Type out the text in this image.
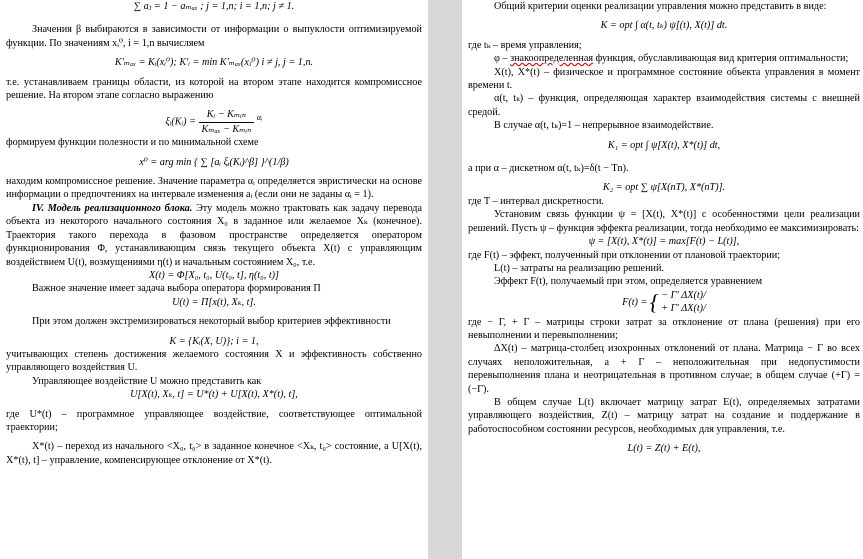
∑ aⱼ = 1 − aₘₐₓ ; j = 1,n; i = 1,n; j ≠ 1.

Значения β выбираются в зависимости от информации о выпуклости оптимизируемой функции. По значениям xᵢ⁰, i = 1,n вычисляем

K′ₘₐₓ = Kᵢ(xᵢ⁰); K′ᵢ = min K′ₘₐₓ(xⱼ⁰) i ≠ j, j = 1,n.

т.е. устанавливаем границы области, из которой на втором этапе находится компромиссное решение. На втором этапе согласно выражению

ξᵢ(Kᵢ) = $\frac{\text{Kᵢ − Kₘᵢₙ}}{\text{Kₘₐₓ − Kₘᵢₙ}} ^{\alpha ᵢ}$

формируем функции полезности и по минимальной схеме

x⁰ = arg min { ∑ [aᵢ ξᵢ(Kᵢ)^β] }^(1/β)

находим компромиссное решение. Значение параметра αᵢ определяется эвристически на основе информации о предпочтениях на интервале изменения aᵢ (если они не заданы αᵢ = 1).

IV. Модель реализационного блока. Эту модель можно трактовать как задачу перевода объекта из некоторого начального состояния X₀ в заданное или желаемое Xₖ (конечное). Траектория такого перехода в фазовом пространстве определяется оператором функционирования Φ, устанавливающим связь текущего объекта X(t) с управляющим воздействием U(t), возмущениями η(t) и начальным состоянием X₀, т.е.

X(t) = Φ[X₀, t₀, U(t₀, t], η(t₀, t)]

Важное значение имеет задача выбора оператора формирования Π

U(t) = Π[x(t), Xₖ, t].

При этом должен экстремизироваться некоторый выбор критериев эффективности

K = {Kᵢ(X, U)}; i = 1,

учитывающих степень достижения желаемого состояния X и эффективность собственно управляющего воздействия U.

Управляющее воздействие U можно представить как

U[X(t), Xₖ, t] = U*(t) + U[X(t), X*(t), t],

где U*(t) – программное управляющее воздействие, соответствующее оптимальной траектории;

X*(t) – переход из начального <X₀, t₀> в заданное конечное <Xₖ, t₀> состояние, а U[X(t), X*(t), t] – управление, компенсирующее отклонение от X*(t).

Общий критерии оценки реализации управления можно представить в виде:

K = opt ∫ α(t, tₖ) ψ[(t), X(t)] dt.

где tₖ – время управления;

φ – знакоопределенная функция, обуславливающая вид критерия оптимальности;

X(t), X*(t) – физическое и программное состояние объекта управления в момент времени t.

α(t, tₖ) – функция, определяющая характер взаимодействия системы с внешней средой.

В случае α(t, tₖ)=1 – непрерывное взаимодействие.

K₁ = opt ∫ ψ[X(t), X*(t)] dt,

а при α – дискетном α(t, tₖ)=δ(t − Tn).

K₂ = opt ∑ ψ[X(nT), X*(nT)].

где T – интервал дискретности.

Установим связь функции ψ = [X(t), X*(t)] с особенностями цели реализации решений. Пусть ψ – функция эффекта реализации, тогда необходимо ее максимизировать:

ψ = [X(t), X*(t)] = max[F(t) − L(t)],

где F(t) – эффект, полученный при отклонении от плановой траектории;

L(t) – затраты на реализацию решений.

Эффект F(t), получаемый при этом, определяется уравнением

F(t) = { − Г′ ΔX(t)/
+ Г′ ΔX(t)/

где − Г, + Г – матрицы строки затрат за отклонение от плана (решения) при его невыполнении и перевыполнении;

ΔX(t) – матрица-столбец изохронных отклонений от плана. Матрица − Г во всех случаях неположительная, а + Г – неположительная при недопустимости перевыполнения плана и неотрицательная в противном случае; в общем случае (+Г) = (−Г).

В общем случае L(t) включает матрицу затрат E(t), определяемых затратами управляющего воздействия, Z(t) – матрицу затрат на создание и поддержание в работоспособном состоянии ресурсов, необходимых для управления, т.е.

L(t) = Z(t) + E(t),
